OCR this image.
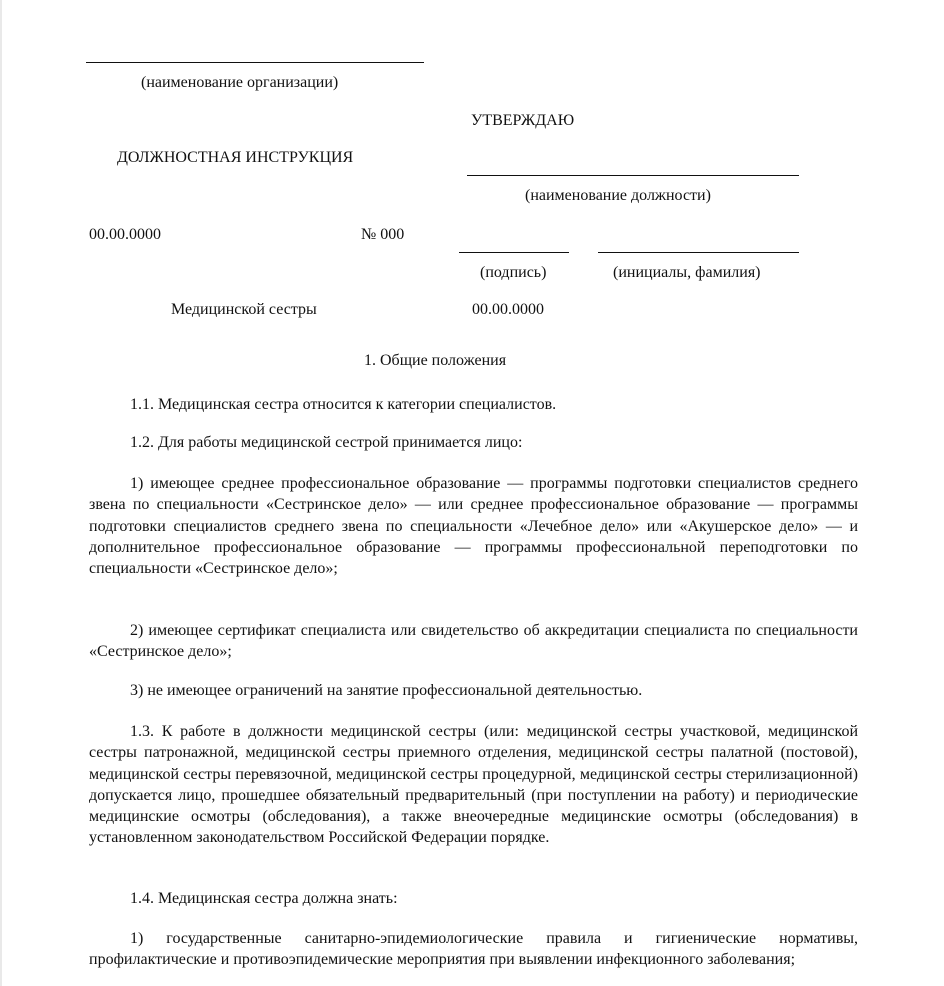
(наименование организации)
УТВЕРЖДАЮ
ДОЛЖНОСТНАЯ ИНСТРУКЦИЯ
(наименование должности)
00.00.0000	№ 000
(подпись)	(инициалы, фамилия)
Медицинской сестры	00.00.0000
1. Общие положения

1.1. Медицинская сестра относится к категории специалистов.

1.2. Для работы медицинской сестрой принимается лицо:

1) имеющее среднее профессиональное образование — программы подготовки специалистов среднего звена по специальности «Сестринское дело» — или среднее профессиональное образование — программы подготовки специалистов среднего звена по специальности «Лечебное дело» или «Акушерское дело» — и дополнительное профессиональное образование — программы профессиональной переподготовки по специальности «Сестринское дело»;

2) имеющее сертификат специалиста или свидетельство об аккредитации специалиста по специальности «Сестринское дело»;

3) не имеющее ограничений на занятие профессиональной деятельностью.

1.3. К работе в должности медицинской сестры (или: медицинской сестры участковой, медицинской сестры патронажной, медицинской сестры приемного отделения, медицинской сестры палатной (постовой), медицинской сестры перевязочной, медицинской сестры процедурной, медицинской сестры стерилизационной) допускается лицо, прошедшее обязательный предварительный (при поступлении на работу) и периодические медицинские осмотры (обследования), а также внеочередные медицинские осмотры (обследования) в установленном законодательством Российской Федерации порядке.

1.4. Медицинская сестра должна знать:

1) государственные санитарно-эпидемиологические правила и гигиенические нормативы, профилактические и противоэпидемические мероприятия при выявлении инфекционного заболевания;
